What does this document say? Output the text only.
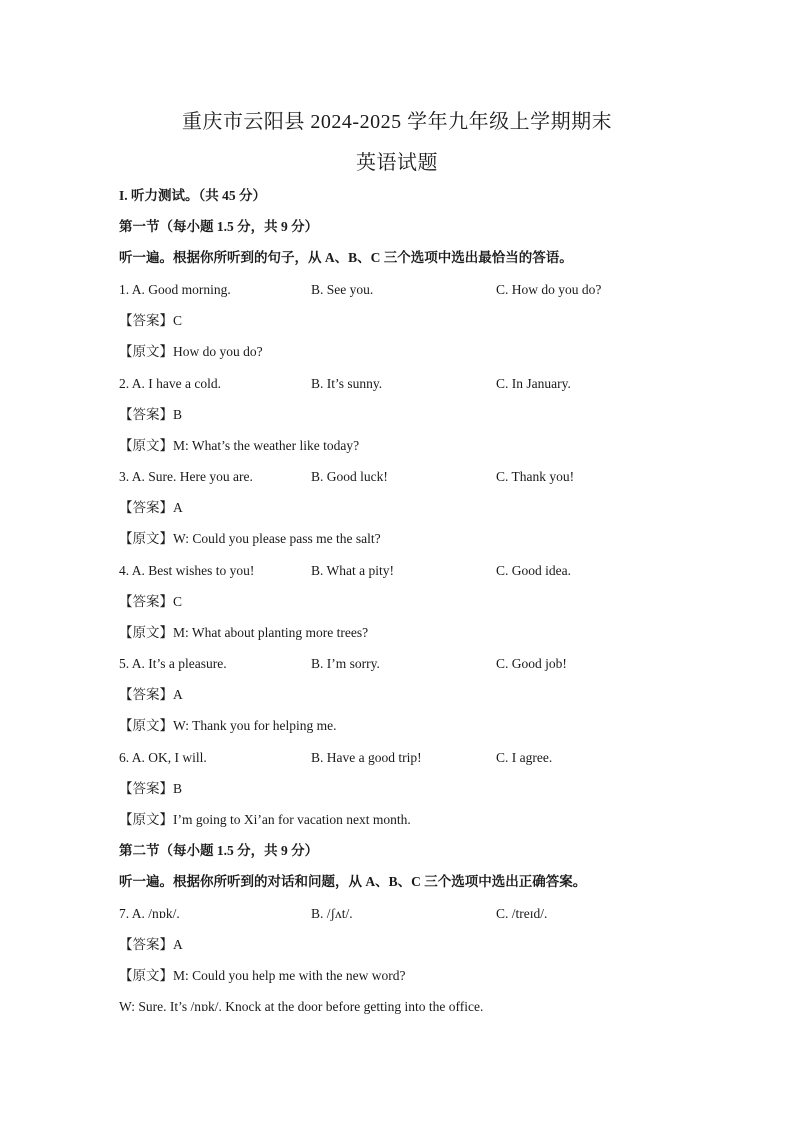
重庆市云阳县 2024-2025 学年九年级上学期期末
英语试题
I. 听力测试。（共 45 分）
第一节（每小题 1.5 分，共 9 分）
听一遍。根据你所听到的句子，从 A、B、C 三个选项中选出最恰当的答语。
1. A. Good morning.	B. See you.	C. How do you do?
【答案】C
【原文】How do you do?
2. A. I have a cold.	B. It’s sunny.	C. In January.
【答案】B
【原文】M: What’s the weather like today?
3. A. Sure. Here you are.	B. Good luck!	C. Thank you!
【答案】A
【原文】W: Could you please pass me the salt?
4. A. Best wishes to you!	B. What a pity!	C. Good idea.
【答案】C
【原文】M: What about planting more trees?
5. A. It’s a pleasure.	B. I’m sorry.	C. Good job!
【答案】A
【原文】W: Thank you for helping me.
6. A. OK, I will.	B. Have a good trip!	C. I agree.
【答案】B
【原文】I’m going to Xi’an for vacation next month.
第二节（每小题 1.5 分，共 9 分）
听一遍。根据你所听到的对话和问题，从 A、B、C 三个选项中选出正确答案。
7. A. /nɒk/.	B. /ʃʌt/.	C. /treɪd/.
【答案】A
【原文】M: Could you help me with the new word?
W: Sure. It’s /nɒk/. Knock at the door before getting into the office.
